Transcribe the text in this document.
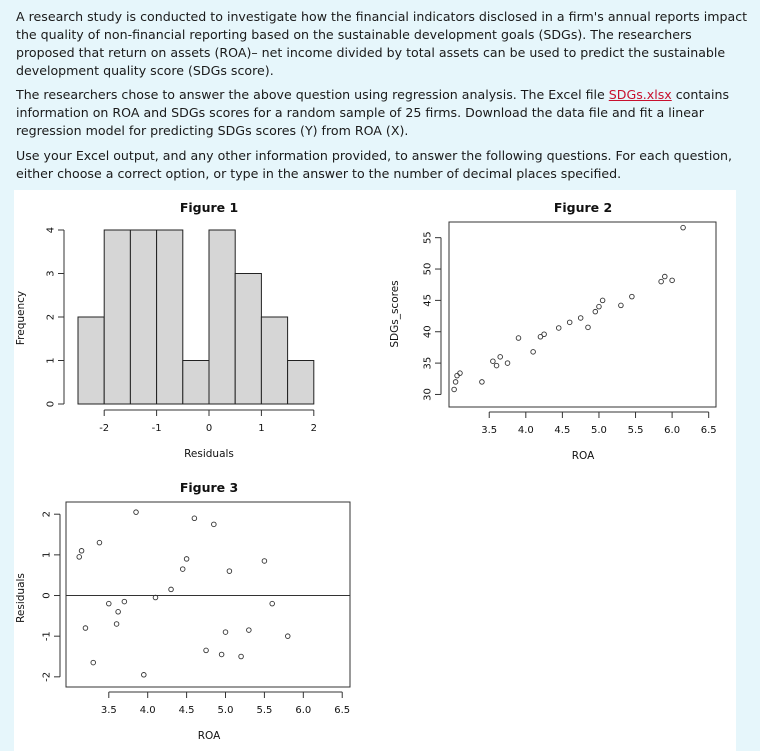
A research study is conducted to investigate how the financial indicators disclosed in a firm's annual reports impact the quality of non-financial reporting based on the sustainable development goals (SDGs). The researchers proposed that return on assets (ROA)– net income divided by total assets can be used to predict the sustainable development quality score (SDGs score).

The researchers chose to answer the above question using regression analysis. The Excel file SDGs.xlsx contains information on ROA and SDGs scores for a random sample of 25 firms. Download the data file and fit a linear regression model for predicting SDGs scores (Y) from ROA (X).

Use your Excel output, and any other information provided, to answer the following questions. For each question, either choose a correct option, or type in the answer to the number of decimal places specified.

Figure 1
-2	-1	0	1	2
Residuals
0
1
2
3
4
Frequency
Figure 2
3.5 4.0 4.5 5.0 5.5 6.0 6.5
ROA
30
35
40
45
50
55
SDGs_scores
Figure 3
3.5 4.0 4.5 5.0 5.5 6.0 6.5
ROA
-2
-1
0
1
2
Residuals
